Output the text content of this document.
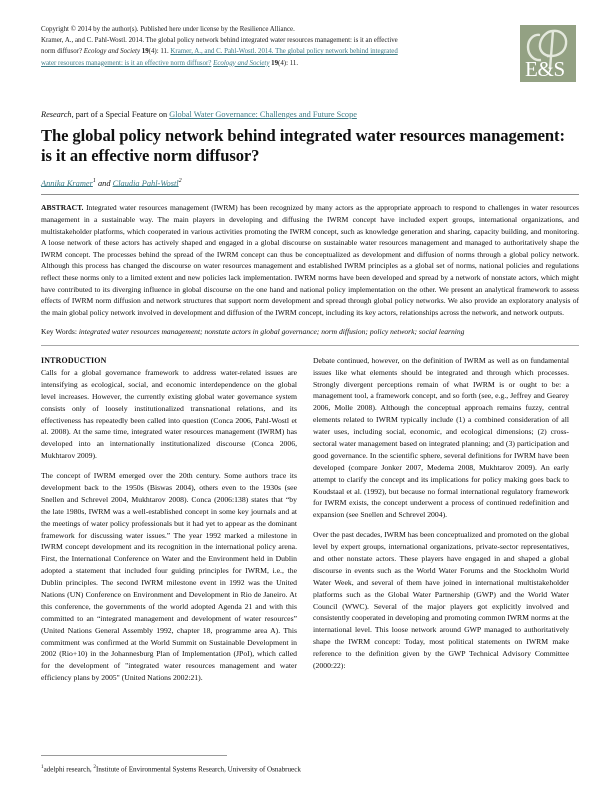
Copyright © 2014 by the author(s). Published here under license by the Resilience Alliance.
Kramer, A., and C. Pahl-Wostl. 2014. The global policy network behind integrated water resources management: is it an effective
norm diffusor? Ecology and Society 19(4): 11. Kramer, A., and C. Pahl-Wostl. 2014. The global policy network behind integrated
water resources management: is it an effective norm diffusor? Ecology and Society 19(4): 11.	E&S
Research, part of a Special Feature on Global Water Governance: Challenges and Future Scope
The global policy network behind integrated water resources management:
is it an effective norm diffusor?
Annika Kramer$^1$ and Claudia Pahl-Wostl$^2$
ABSTRACT. Integrated water resources management (IWRM) has been recognized by many actors as the appropriate approach to respond to challenges in water resources management in a sustainable way. The main players in developing and diffusing the IWRM concept have included expert groups, international organizations, and multistakeholder platforms, which cooperated in various activities promoting the IWRM concept, such as knowledge generation and sharing, capacity building, and monitoring. A loose network of these actors has actively shaped and engaged in a global discourse on sustainable water resources management and managed to authoritatively shape the IWRM concept. The processes behind the spread of the IWRM concept can thus be conceptualized as development and diffusion of norms through a global policy network. Although this process has changed the discourse on water resources management and established IWRM principles as a global set of norms, national policies and regulations reflect these norms only to a limited extent and new policies lack implementation. IWRM norms have been developed and spread by a network of nonstate actors, which might have contributed to its diverging influence in global discourse on the one hand and national policy implementation on the other. We present an analytical framework to assess effects of IWRM norm diffusion and network structures that support norm development and spread through global policy networks. We also provide an exploratory analysis of the main global policy network involved in development and diffusion of the IWRM concept, including its key actors, relationships across the network, and network outputs.
Key Words: integrated water resources management; nonstate actors in global governance; norm diffusion; policy network; social learning
INTRODUCTION

Calls for a global governance framework to address water-related issues are intensifying as ecological, social, and economic interdependence on the global level increases. However, the currently existing global water governance system consists only of loosely institutionalized transnational relations, and its effectiveness has repeatedly been called into question (Conca 2006, Pahl-Wostl et al. 2008). At the same time, integrated water resources management (IWRM) has developed into an internationally institutionalized discourse (Conca 2006, Mukhtarov 2009).

The concept of IWRM emerged over the 20th century. Some authors trace its development back to the 1950s (Biswas 2004), others even to the 1930s (see Snellen and Schrevel 2004, Mukhtarov 2008). Conca (2006:138) states that “by the late 1980s, IWRM was a well-established concept in some key journals and at the meetings of water policy professionals but it had yet to appear as the dominant framework for discussing water issues.” The year 1992 marked a milestone in IWRM concept development and its recognition in the international policy arena. First, the International Conference on Water and the Environment held in Dublin adopted a statement that included four guiding principles for IWRM, i.e., the Dublin principles. The second IWRM milestone event in 1992 was the United Nations (UN) Conference on Environment and Development in Rio de Janeiro. At this conference, the governments of the world adopted Agenda 21 and with this committed to an “integrated management and development of water resources” (United Nations General Assembly 1992, chapter 18, programme area A). This commitment was confirmed at the World Summit on Sustainable Development in 2002 (Rio+10) in the Johannesburg Plan of Implementation (JPoI), which called for the development of "integrated water resources management and water efficiency plans by 2005" (United Nations 2002:21).

Debate continued, however, on the definition of IWRM as well as on fundamental issues like what elements should be integrated and through which processes. Strongly divergent perceptions remain of what IWRM is or ought to be: a management tool, a framework concept, and so forth (see, e.g., Jeffrey and Gearey 2006, Molle 2008). Although the conceptual approach remains fuzzy, central elements related to IWRM typically include (1) a combined consideration of all water uses, including social, economic, and ecological dimensions; (2) cross-sectoral water management based on integrated planning; and (3) participation and good governance. In the scientific sphere, several definitions for IWRM have been developed (compare Jonker 2007, Medema 2008, Mukhtarov 2009). An early attempt to clarify the concept and its implications for policy making goes back to Koudstaal et al. (1992), but because no formal international regulatory framework for IWRM exists, the concept underwent a process of continued redefinition and expansion (see Snellen and Schrevel 2004).

Over the past decades, IWRM has been conceptualized and promoted on the global level by expert groups, international organizations, private-sector representatives, and other nonstate actors. These players have engaged in and shaped a global discourse in events such as the World Water Forums and the Stockholm World Water Week, and several of them have joined in international multistakeholder platforms such as the Global Water Partnership (GWP) and the World Water Council (WWC). Several of the major players got explicitly involved and consistently cooperated in developing and promoting common IWRM norms at the international level. This loose network around GWP managed to authoritatively shape the IWRM concept: Today, most political statements on IWRM make reference to the definition given by the GWP Technical Advisory Committee (2000:22):

$^1$adelphi research, $^2$Institute of Environmental Systems Research, University of Osnabrueck
